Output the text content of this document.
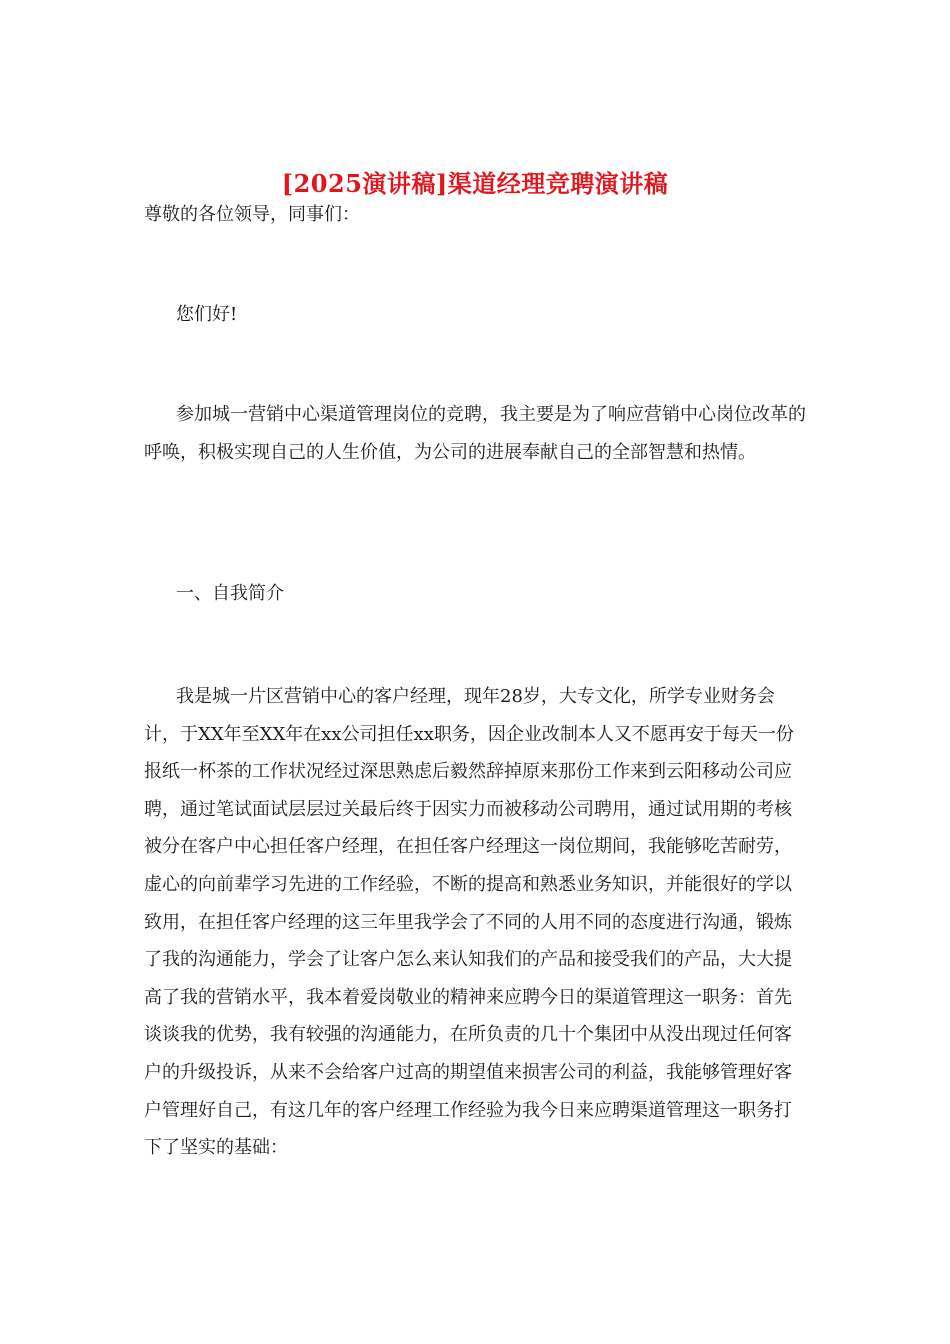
[2025演讲稿]渠道经理竞聘演讲稿

尊敬的各位领导，同事们：

您们好!

参加城一营销中心渠道管理岗位的竞聘，我主要是为了响应营销中心岗位改革的呼唤，积极实现自己的人生价值，为公司的进展奉献自己的全部智慧和热情。

一、自我简介

我是城一片区营销中心的客户经理，现年28岁，大专文化，所学专业财务会计，于XX年至XX年在xx公司担任xx职务，因企业改制本人又不愿再安于每天一份报纸一杯茶的工作状况经过深思熟虑后毅然辞掉原来那份工作来到云阳移动公司应聘，通过笔试面试层层过关最后终于因实力而被移动公司聘用，通过试用期的考核被分在客户中心担任客户经理，在担任客户经理这一岗位期间，我能够吃苦耐劳，虚心的向前辈学习先进的工作经验，不断的提高和熟悉业务知识，并能很好的学以致用，在担任客户经理的这三年里我学会了不同的人用不同的态度进行沟通，锻炼了我的沟通能力，学会了让客户怎么来认知我们的产品和接受我们的产品，大大提高了我的营销水平，我本着爱岗敬业的精神来应聘今日的渠道管理这一职务：首先谈谈我的优势，我有较强的沟通能力，在所负责的几十个集团中从没出现过任何客户的升级投诉，从来不会给客户过高的期望值来损害公司的利益，我能够管理好客户管理好自己，有这几年的客户经理工作经验为我今日来应聘渠道管理这一职务打下了坚实的基础：
